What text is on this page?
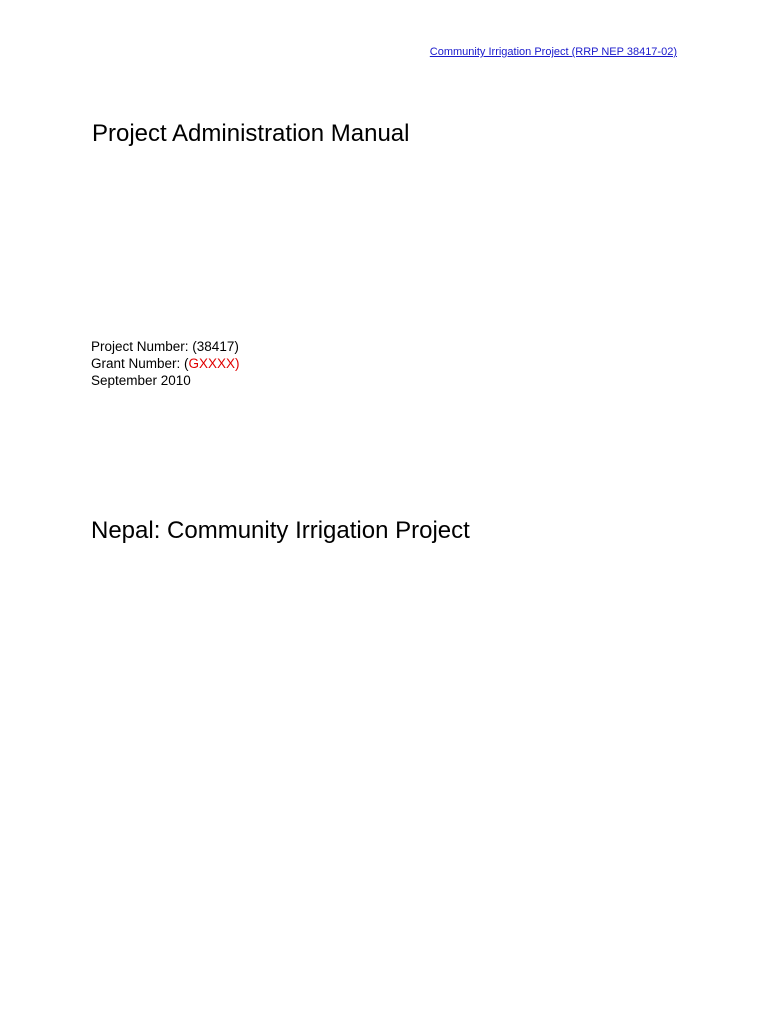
Community Irrigation Project (RRP NEP 38417-02)
Project Administration Manual
Project Number: (38417)
Grant Number: (GXXXX)
September 2010
Nepal: Community Irrigation Project
